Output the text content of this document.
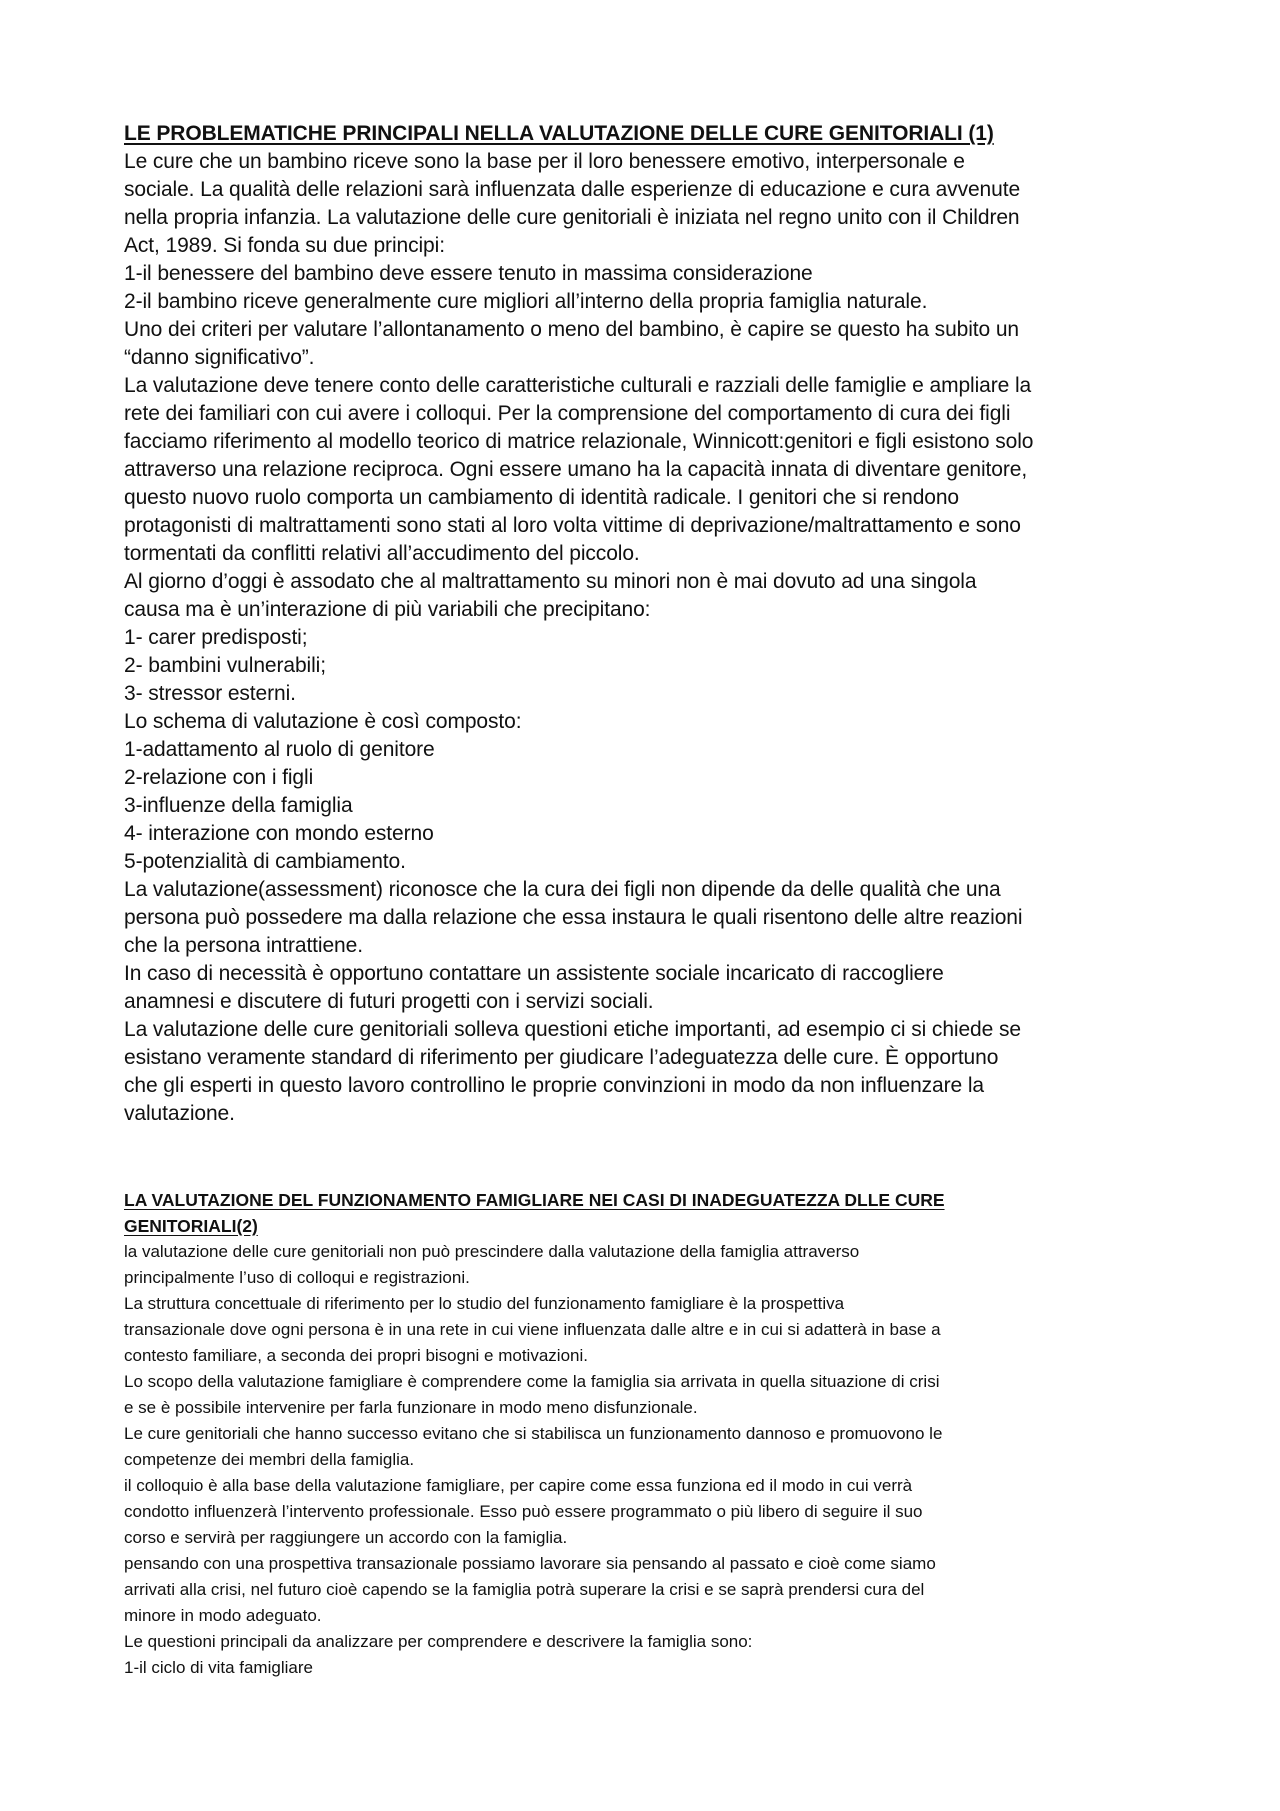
LE PROBLEMATICHE PRINCIPALI NELLA VALUTAZIONE DELLE CURE GENITORIALI (1)
Le cure che un bambino riceve sono la base per il loro benessere emotivo, interpersonale e
sociale. La qualità delle relazioni sarà influenzata dalle esperienze di educazione e cura avvenute
nella propria infanzia. La valutazione delle cure genitoriali è iniziata nel regno unito con il Children
Act, 1989. Si fonda su due principi:
1-il benessere del bambino deve essere tenuto in massima considerazione
2-il bambino riceve generalmente cure migliori all’interno della propria famiglia naturale.
Uno dei criteri per valutare l’allontanamento o meno del bambino, è capire se questo ha subito un
“danno significativo”.
La valutazione deve tenere conto delle caratteristiche culturali e razziali delle famiglie e ampliare la
rete dei familiari con cui avere i colloqui. Per la comprensione del comportamento di cura dei figli
facciamo riferimento al modello teorico di matrice relazionale, Winnicott:genitori e figli esistono solo
attraverso una relazione reciproca. Ogni essere umano ha la capacità innata di diventare genitore,
questo nuovo ruolo comporta un cambiamento di identità radicale. I genitori che si rendono
protagonisti di maltrattamenti sono stati al loro volta vittime di deprivazione/maltrattamento e sono
tormentati da conflitti relativi all’accudimento del piccolo.
Al giorno d’oggi è assodato che al maltrattamento su minori non è mai dovuto ad una singola
causa ma è un’interazione di più variabili che precipitano:
1- carer predisposti;
2- bambini vulnerabili;
3- stressor esterni.
Lo schema di valutazione è così composto:
1-adattamento al ruolo di genitore
2-relazione con i figli
3-influenze della famiglia
4- interazione con mondo esterno
5-potenzialità di cambiamento.
La valutazione(assessment) riconosce che la cura dei figli non dipende da delle qualità che una
persona può possedere ma dalla relazione che essa instaura le quali risentono delle altre reazioni
che la persona intrattiene.
In caso di necessità è opportuno contattare un assistente sociale incaricato di raccogliere
anamnesi e discutere di futuri progetti con i servizi sociali.
La valutazione delle cure genitoriali solleva questioni etiche importanti, ad esempio ci si chiede se
esistano veramente standard di riferimento per giudicare l’adeguatezza delle cure. È opportuno
che gli esperti in questo lavoro controllino le proprie convinzioni in modo da non influenzare la
valutazione.
LA VALUTAZIONE DEL FUNZIONAMENTO FAMIGLIARE NEI CASI DI INADEGUATEZZA DLLE CURE
GENITORIALI(2)
la valutazione delle cure genitoriali non può prescindere dalla valutazione della famiglia attraverso
principalmente l’uso di colloqui e registrazioni.
La struttura concettuale di riferimento per lo studio del funzionamento famigliare è la prospettiva
transazionale dove ogni persona è in una rete in cui viene influenzata dalle altre e in cui si adatterà in base a
contesto familiare, a seconda dei propri bisogni e motivazioni.
Lo scopo della valutazione famigliare è comprendere come la famiglia sia arrivata in quella situazione di crisi
e se è possibile intervenire per farla funzionare in modo meno disfunzionale.
Le cure genitoriali che hanno successo evitano che si stabilisca un funzionamento dannoso e promuovono le
competenze dei membri della famiglia.
il colloquio è alla base della valutazione famigliare, per capire come essa funziona ed il modo in cui verrà
condotto influenzerà l’intervento professionale. Esso può essere programmato o più libero di seguire il suo
corso e servirà per raggiungere un accordo con la famiglia.
pensando con una prospettiva transazionale possiamo lavorare sia pensando al passato e cioè come siamo
arrivati alla crisi, nel futuro cioè capendo se la famiglia potrà superare la crisi e se saprà prendersi cura del
minore in modo adeguato.
Le questioni principali da analizzare per comprendere e descrivere la famiglia sono:
1-il ciclo di vita famigliare
